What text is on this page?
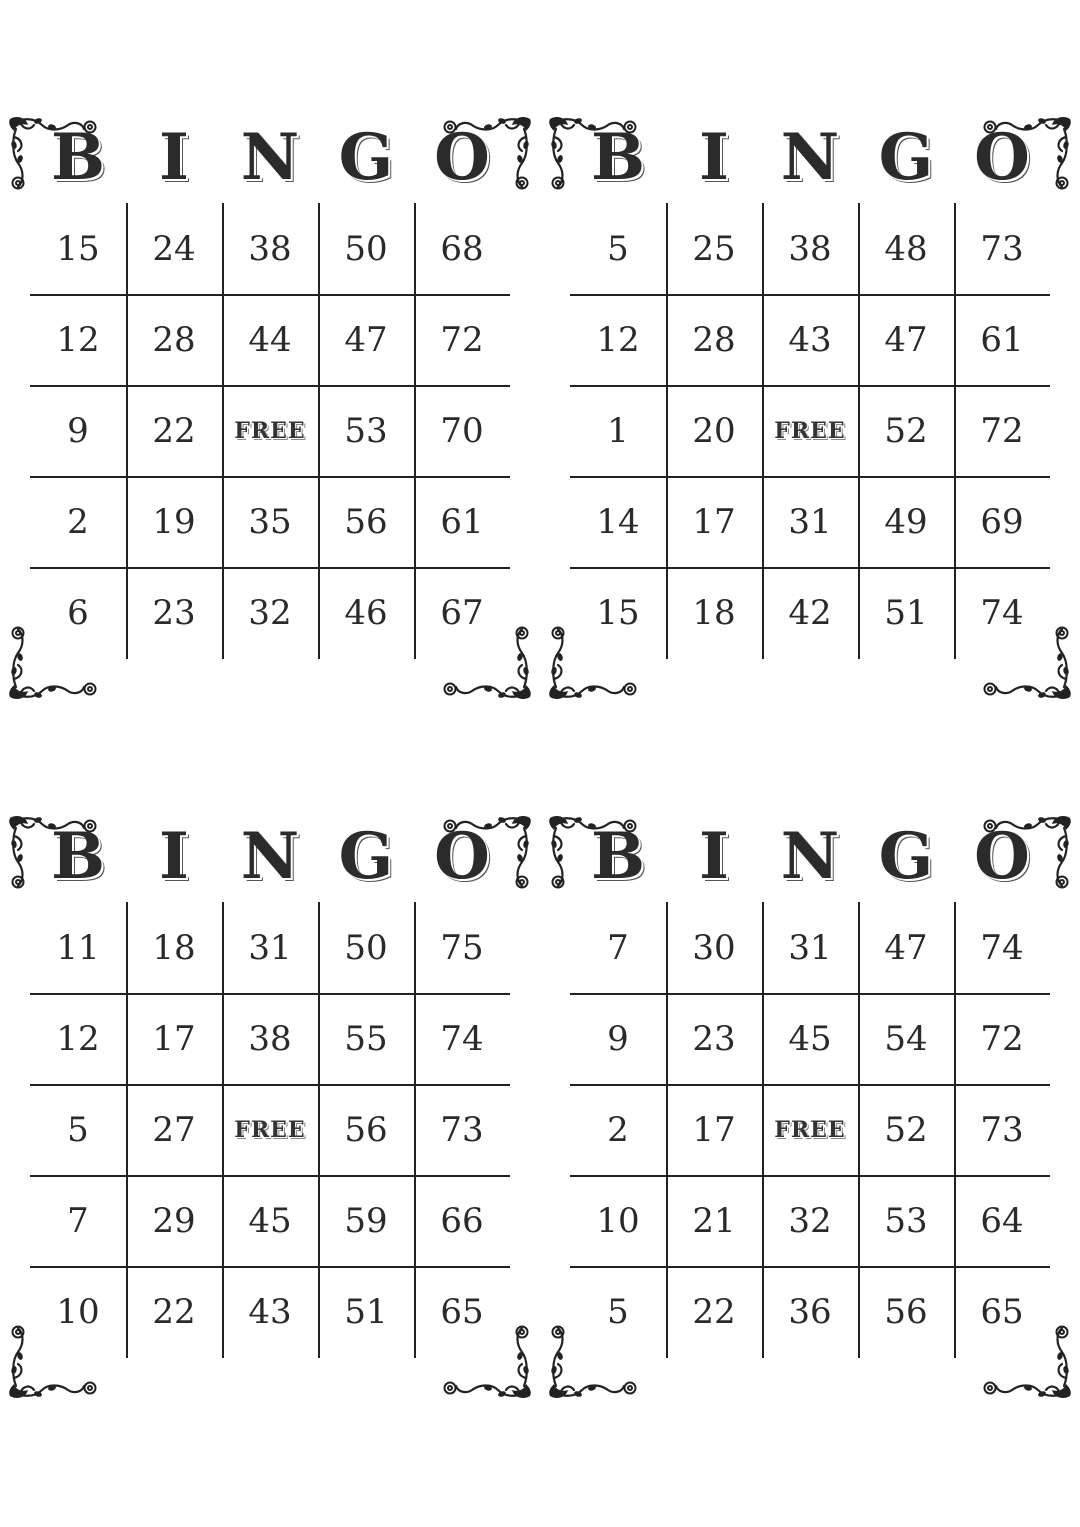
B I N G O
15	24	38	50	68
12	28	44	47	72
9	22	FREE	53	70
2	19	35	56	61
6	23	32	46	67
B I N G O
5	25	38	48	73
12	28	43	47	61
1	20	FREE	52	72
14	17	31	49	69
15	18	42	51	74
B I N G O
11	18	31	50	75
12	17	38	55	74
5	27	FREE	56	73
7	29	45	59	66
10	22	43	51	65
B I N G O
7	30	31	47	74
9	23	45	54	72
2	17	FREE	52	73
10	21	32	53	64
5	22	36	56	65
